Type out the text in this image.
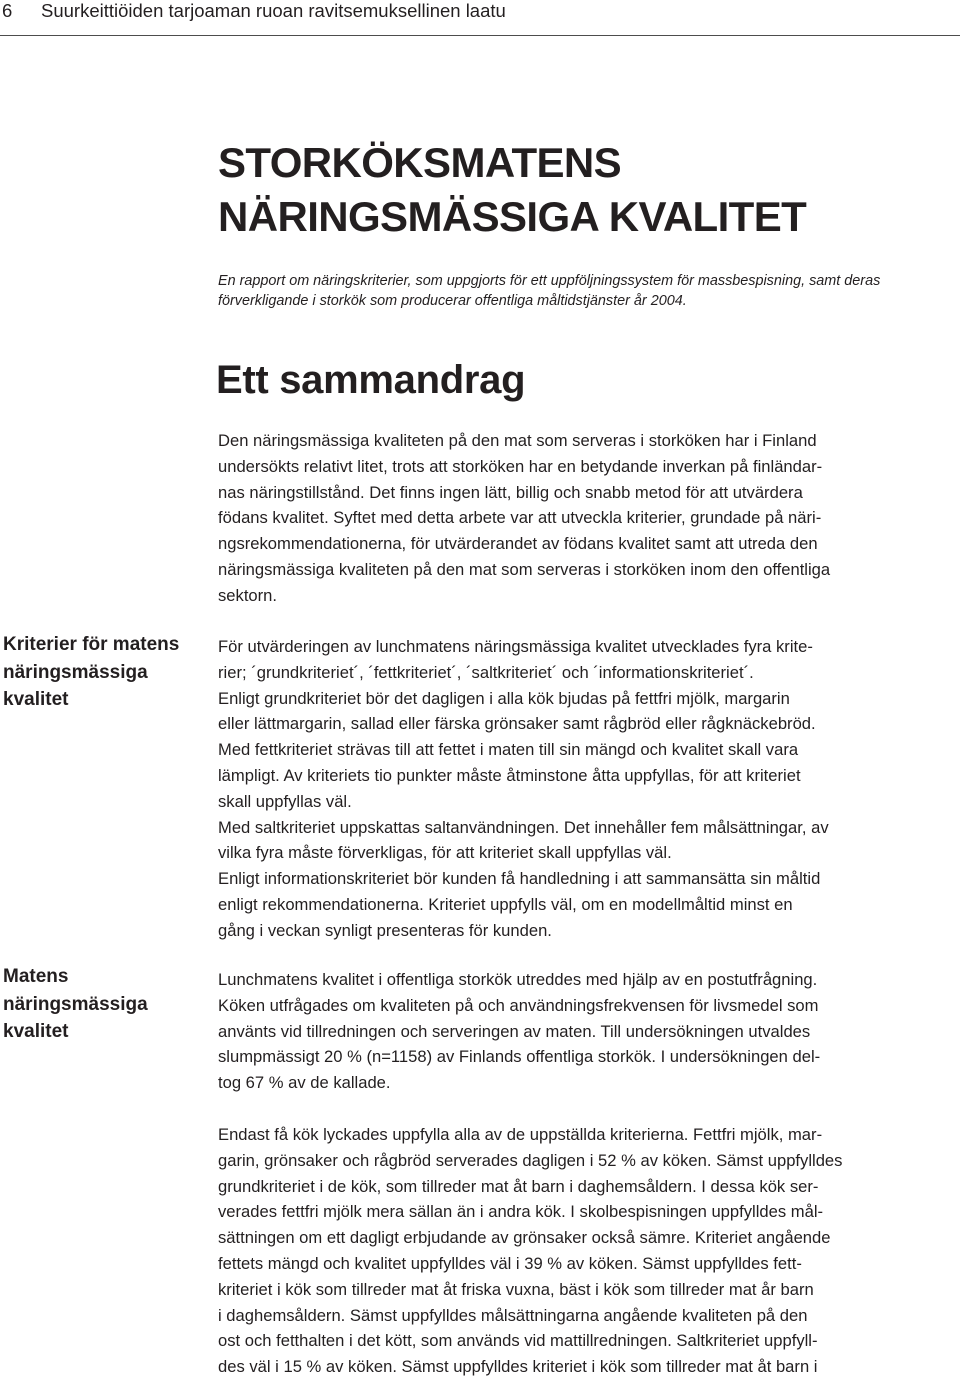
6 Suurkeittiöiden tarjoaman ruoan ravitsemuksellinen laatu
STORKÖKSMATENS
NÄRINGSMÄSSIGA KVALITET

En rapport om näringskriterier, som uppgjorts för ett uppföljningssystem för massbespisning, samt deras
förverkligande i storkök som producerar offentliga måltidstjänster år 2004.

Ett sammandrag

Den näringsmässiga kvaliteten på den mat som serveras i storköken har i Finland
undersökts relativt litet, trots att storköken har en betydande inverkan på finländar-
nas näringstillstånd. Det finns ingen lätt, billig och snabb metod för att utvärdera
födans kvalitet. Syftet med detta arbete var att utveckla kriterier, grundade på näri-
ngsrekommendationerna, för utvärderandet av födans kvalitet samt att utreda den
näringsmässiga kvaliteten på den mat som serveras i storköken inom den offentliga
sektorn.

Kriterier för matens
näringsmässiga
kvalitet

För utvärderingen av lunchmatens näringsmässiga kvalitet utvecklades fyra krite-
rier; ´grundkriteriet´, ´fettkriteriet´, ´saltkriteriet´ och ´informationskriteriet´.
Enligt grundkriteriet bör det dagligen i alla kök bjudas på fettfri mjölk, margarin
eller lättmargarin, sallad eller färska grönsaker samt rågbröd eller rågknäckebröd.
Med fettkriteriet strävas till att fettet i maten till sin mängd och kvalitet skall vara
lämpligt. Av kriteriets tio punkter måste åtminstone åtta uppfyllas, för att kriteriet
skall uppfyllas väl.
Med saltkriteriet uppskattas saltanvändningen. Det innehåller fem målsättningar, av
vilka fyra måste förverkligas, för att kriteriet skall uppfyllas väl.
Enligt informationskriteriet bör kunden få handledning i att sammansätta sin måltid
enligt rekommendationerna. Kriteriet uppfylls väl, om en modellmåltid minst en
gång i veckan synligt presenteras för kunden.

Matens
näringsmässiga
kvalitet

Lunchmatens kvalitet i offentliga storkök utreddes med hjälp av en postutfrågning.
Köken utfrågades om kvaliteten på och användningsfrekvensen för livsmedel som
använts vid tillredningen och serveringen av maten. Till undersökningen utvaldes
slumpmässigt 20 % (n=1158) av Finlands offentliga storkök. I undersökningen del-
tog 67 % av de kallade.

Endast få kök lyckades uppfylla alla av de uppställda kriterierna. Fettfri mjölk, mar-
garin, grönsaker och rågbröd serverades dagligen i 52 % av köken. Sämst uppfylldes
grundkriteriet i de kök, som tillreder mat åt barn i daghemsåldern. I dessa kök ser-
verades fettfri mjölk mera sällan än i andra kök. I skolbespisningen uppfylldes mål-
sättningen om ett dagligt erbjudande av grönsaker också sämre. Kriteriet angående
fettets mängd och kvalitet uppfylldes väl i 39 % av köken. Sämst uppfylldes fett-
kriteriet i kök som tillreder mat åt friska vuxna, bäst i kök som tillreder mat år barn
i daghemsåldern. Sämst uppfylldes målsättningarna angående kvaliteten på den
ost och fetthalten i det kött, som används vid mattillredningen. Saltkriteriet uppfyll-
des väl i 15 % av köken. Sämst uppfylldes kriteriet i kök som tillreder mat åt barn i
